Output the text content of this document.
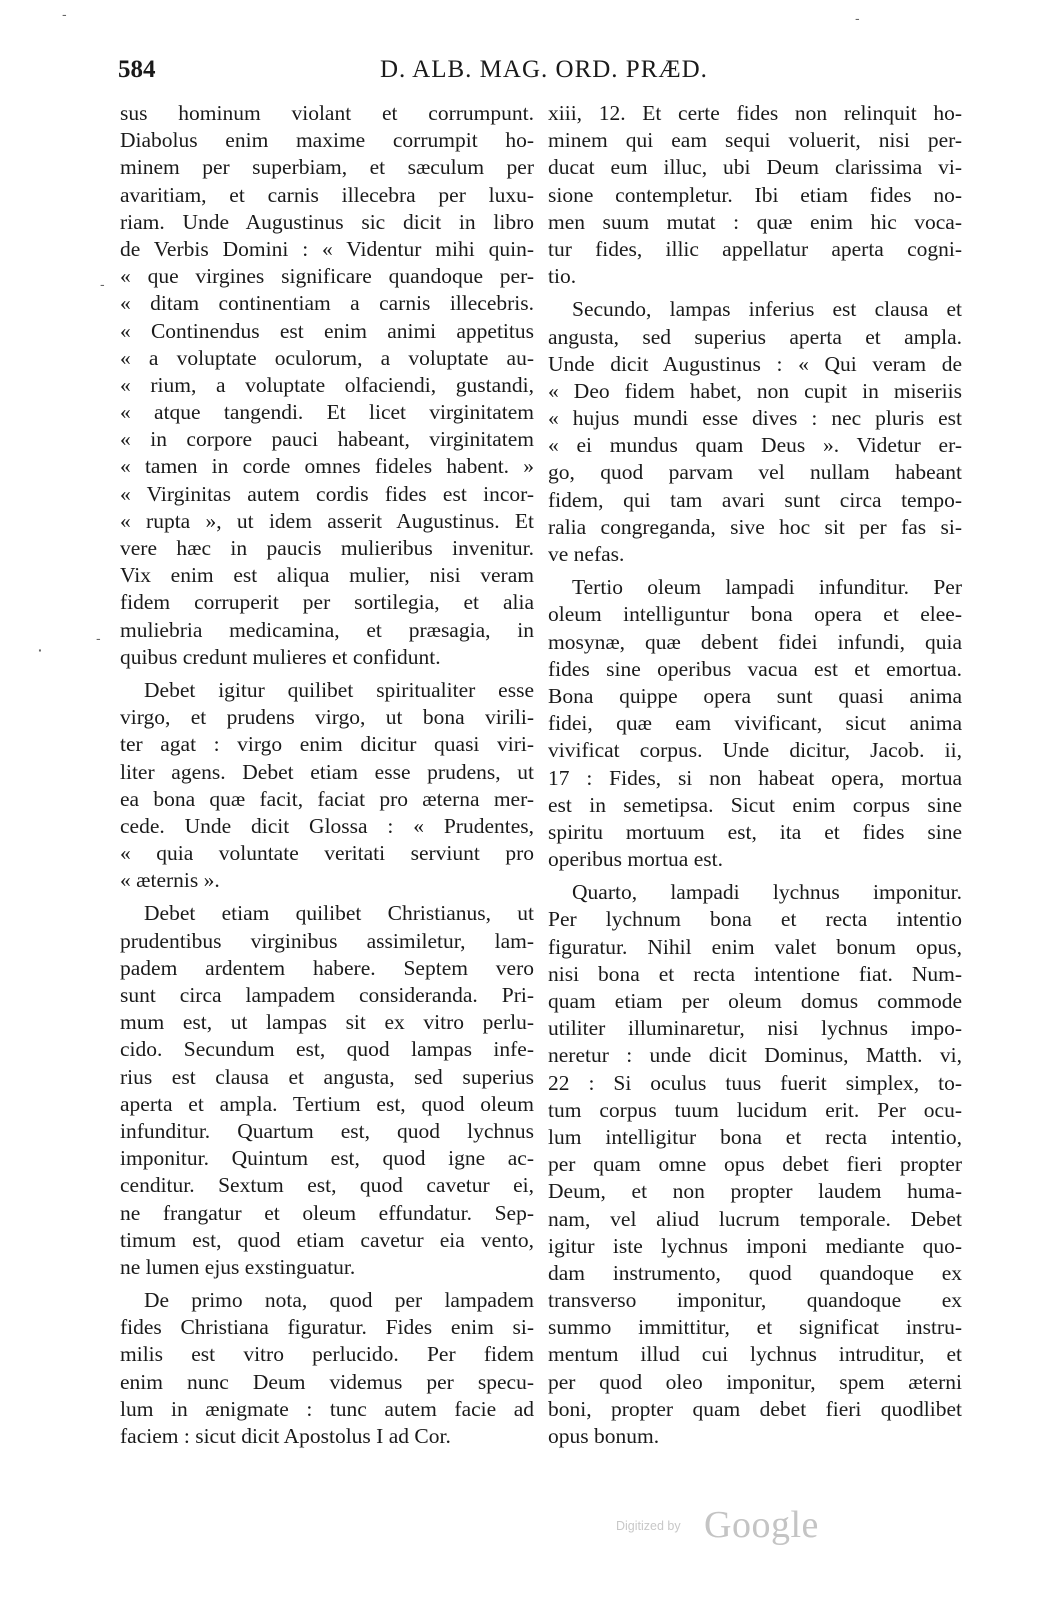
-	-
-
-
·
584	D. ALB. MAG. ORD. PRÆD.
sus hominum violant et corrumpunt.
Diabolus enim maxime corrumpit ho-
minem per superbiam, et sæculum per
avaritiam, et carnis illecebra per luxu-
riam. Unde Augustinus sic dicit in libro
de Verbis Domini : « Videntur mihi quin-
« que virgines significare quandoque per-
« ditam continentiam a carnis illecebris.
« Continendus est enim animi appetitus
« a voluptate oculorum, a voluptate au-
« rium, a voluptate olfaciendi, gustandi,
« atque tangendi. Et licet virginitatem
« in corpore pauci habeant, virginitatem
« tamen in corde omnes fideles habent. »
« Virginitas autem cordis fides est incor-
« rupta », ut idem asserit Augustinus. Et
vere hæc in paucis mulieribus invenitur.
Vix enim est aliqua mulier, nisi veram
fidem corruperit per sortilegia, et alia
muliebria medicamina, et præsagia, in
quibus credunt mulieres et confidunt.
Debet igitur quilibet spiritualiter esse
virgo, et prudens virgo, ut bona virili-
ter agat : virgo enim dicitur quasi viri-
liter agens. Debet etiam esse prudens, ut
ea bona quæ facit, faciat pro æterna mer-
cede. Unde dicit Glossa : « Prudentes,
« quia voluntate veritati serviunt pro
« æternis ».
Debet etiam quilibet Christianus, ut
prudentibus virginibus assimiletur, lam-
padem ardentem habere. Septem vero
sunt circa lampadem consideranda. Pri-
mum est, ut lampas sit ex vitro perlu-
cido. Secundum est, quod lampas infe-
rius est clausa et angusta, sed superius
aperta et ampla. Tertium est, quod oleum
infunditur. Quartum est, quod lychnus
imponitur. Quintum est, quod igne ac-
cenditur. Sextum est, quod cavetur ei,
ne frangatur et oleum effundatur. Sep-
timum est, quod etiam cavetur eia vento,
ne lumen ejus exstinguatur.
De primo nota, quod per lampadem
fides Christiana figuratur. Fides enim si-
milis est vitro perlucido. Per fidem
enim nunc Deum videmus per specu-
lum in ænigmate : tunc autem facie ad
faciem : sicut dicit Apostolus I ad Cor.
xiii, 12. Et certe fides non relinquit ho-
minem qui eam sequi voluerit, nisi per-
ducat eum illuc, ubi Deum clarissima vi-
sione contempletur. Ibi etiam fides no-
men suum mutat : quæ enim hic voca-
tur fides, illic appellatur aperta cogni-
tio.
Secundo, lampas inferius est clausa et
angusta, sed superius aperta et ampla.
Unde dicit Augustinus : « Qui veram de
« Deo fidem habet, non cupit in miseriis
« hujus mundi esse dives : nec pluris est
« ei mundus quam Deus ». Videtur er-
go, quod parvam vel nullam habeant
fidem, qui tam avari sunt circa tempo-
ralia congreganda, sive hoc sit per fas si-
ve nefas.
Tertio oleum lampadi infunditur. Per
oleum intelliguntur bona opera et elee-
mosynæ, quæ debent fidei infundi, quia
fides sine operibus vacua est et emortua.
Bona quippe opera sunt quasi anima
fidei, quæ eam vivificant, sicut anima
vivificat corpus. Unde dicitur, Jacob. ii,
17 : Fides, si non habeat opera, mortua
est in semetipsa. Sicut enim corpus sine
spiritu mortuum est, ita et fides sine
operibus mortua est.
Quarto, lampadi lychnus imponitur.
Per lychnum bona et recta intentio
figuratur. Nihil enim valet bonum opus,
nisi bona et recta intentione fiat. Num-
quam etiam per oleum domus commode
utiliter illuminaretur, nisi lychnus impo-
neretur : unde dicit Dominus, Matth. vi,
22 : Si oculus tuus fuerit simplex, to-
tum corpus tuum lucidum erit. Per ocu-
lum intelligitur bona et recta intentio,
per quam omne opus debet fieri propter
Deum, et non propter laudem huma-
nam, vel aliud lucrum temporale. Debet
igitur iste lychnus imponi mediante quo-
dam instrumento, quod quandoque ex
transverso imponitur, quandoque ex
summo immittitur, et significat instru-
mentum illud cui lychnus intruditur, et
per quod oleo imponitur, spem æterni
boni, propter quam debet fieri quodlibet
opus bonum.
Digitized by Google
